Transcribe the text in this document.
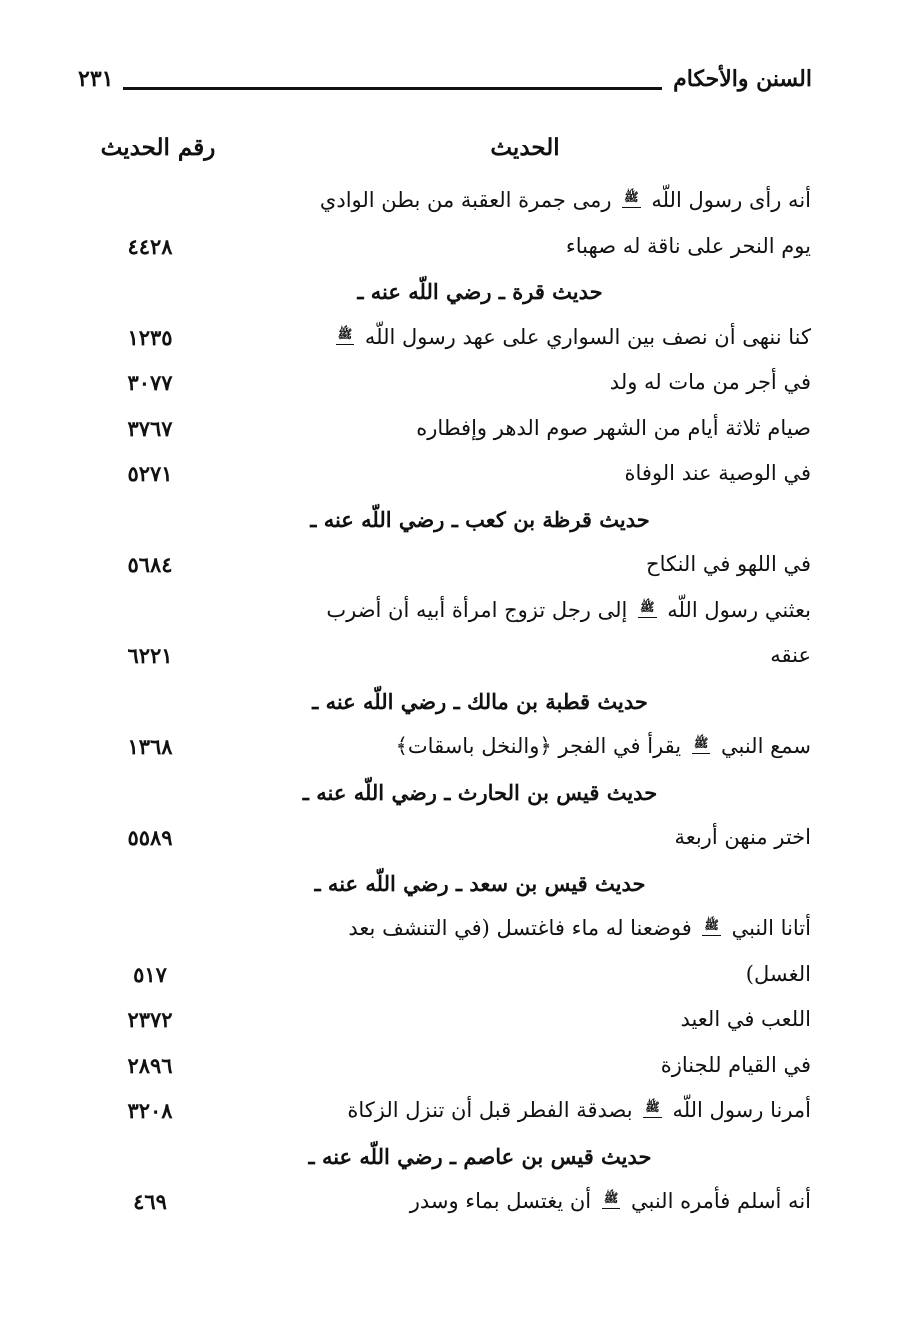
السنن والأحكام
٢٣١
الحديث
رقم الحديث
أنه رأى رسول اللّه ﷺ رمى جمرة العقبة من بطن الوادي
يوم النحر على ناقة له صهباء
٤٤٢٨
حديث قرة ـ رضي اللّه عنه ـ
كنا ننهى أن نصف بين السواري على عهد رسول اللّه ﷺ
١٢٣٥
في أجر من مات له ولد
٣٠٧٧
صيام ثلاثة أيام من الشهر صوم الدهر وإفطاره
٣٧٦٧
في الوصية عند الوفاة
٥٢٧١
حديث قرظة بن كعب ـ رضي اللّه عنه ـ
في اللهو في النكاح
٥٦٨٤
بعثني رسول اللّه ﷺ إلى رجل تزوج امرأة أبيه أن أضرب
عنقه
٦٢٢١
حديث قطبة بن مالك ـ رضي اللّه عنه ـ
سمع النبي ﷺ يقرأ في الفجر ﴿والنخل باسقات﴾
١٣٦٨
حديث قيس بن الحارث ـ رضي اللّه عنه ـ
اختر منهن أربعة
٥٥٨٩
حديث قيس بن سعد ـ رضي اللّه عنه ـ
أتانا النبي ﷺ فوضعنا له ماء فاغتسل (في التنشف بعد
الغسل)
٥١٧
اللعب في العيد
٢٣٧٢
في القيام للجنازة
٢٨٩٦
أمرنا رسول اللّه ﷺ بصدقة الفطر قبل أن تنزل الزكاة
٣٢٠٨
حديث قيس بن عاصم ـ رضي اللّه عنه ـ
أنه أسلم فأمره النبي ﷺ أن يغتسل بماء وسدر
٤٦٩
